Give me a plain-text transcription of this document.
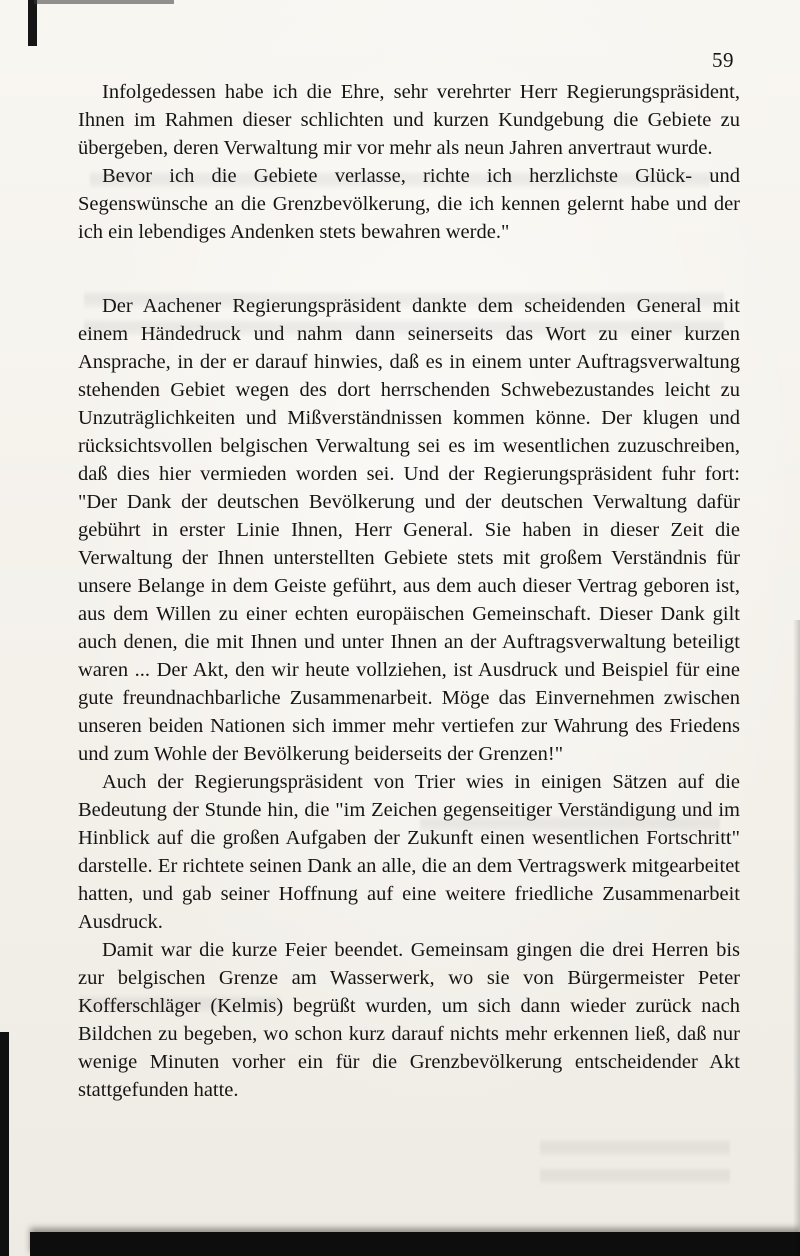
59

Infolgedessen habe ich die Ehre, sehr verehrter Herr Regierungspräsident, Ihnen im Rahmen dieser schlichten und kurzen Kundgebung die Gebiete zu übergeben, deren Verwaltung mir vor mehr als neun Jahren anvertraut wurde.

Bevor ich die Gebiete verlasse, richte ich herzlichste Glück- und Segenswünsche an die Grenzbevölkerung, die ich kennen gelernt habe und der ich ein lebendiges Andenken stets bewahren werde."

Der Aachener Regierungspräsident dankte dem scheidenden General mit einem Händedruck und nahm dann seinerseits das Wort zu einer kurzen Ansprache, in der er darauf hinwies, daß es in einem unter Auftragsverwaltung stehenden Gebiet wegen des dort herrschenden Schwebezustandes leicht zu Unzuträglichkeiten und Mißverständnissen kommen könne. Der klugen und rücksichtsvollen belgischen Verwaltung sei es im wesentlichen zuzuschreiben, daß dies hier vermieden worden sei. Und der Regierungspräsident fuhr fort: "Der Dank der deutschen Bevölkerung und der deutschen Verwaltung dafür gebührt in erster Linie Ihnen, Herr General. Sie haben in dieser Zeit die Verwaltung der Ihnen unterstellten Gebiete stets mit großem Verständnis für unsere Belange in dem Geiste geführt, aus dem auch dieser Vertrag geboren ist, aus dem Willen zu einer echten europäischen Gemeinschaft. Dieser Dank gilt auch denen, die mit Ihnen und unter Ihnen an der Auftragsverwaltung beteiligt waren ... Der Akt, den wir heute vollziehen, ist Ausdruck und Beispiel für eine gute freundnachbarliche Zusammenarbeit. Möge das Einvernehmen zwischen unseren beiden Nationen sich immer mehr vertiefen zur Wahrung des Friedens und zum Wohle der Bevölkerung beiderseits der Grenzen!"

Auch der Regierungspräsident von Trier wies in einigen Sätzen auf die Bedeutung der Stunde hin, die "im Zeichen gegenseitiger Verständigung und im Hinblick auf die großen Aufgaben der Zukunft einen wesentlichen Fortschritt" darstelle. Er richtete seinen Dank an alle, die an dem Vertragswerk mitgearbeitet hatten, und gab seiner Hoffnung auf eine weitere friedliche Zusammenarbeit Ausdruck.

Damit war die kurze Feier beendet. Gemeinsam gingen die drei Herren bis zur belgischen Grenze am Wasserwerk, wo sie von Bürgermeister Peter Kofferschläger (Kelmis) begrüßt wurden, um sich dann wieder zurück nach Bildchen zu begeben, wo schon kurz darauf nichts mehr erkennen ließ, daß nur wenige Minuten vorher ein für die Grenzbevölkerung entscheidender Akt stattgefunden hatte.
